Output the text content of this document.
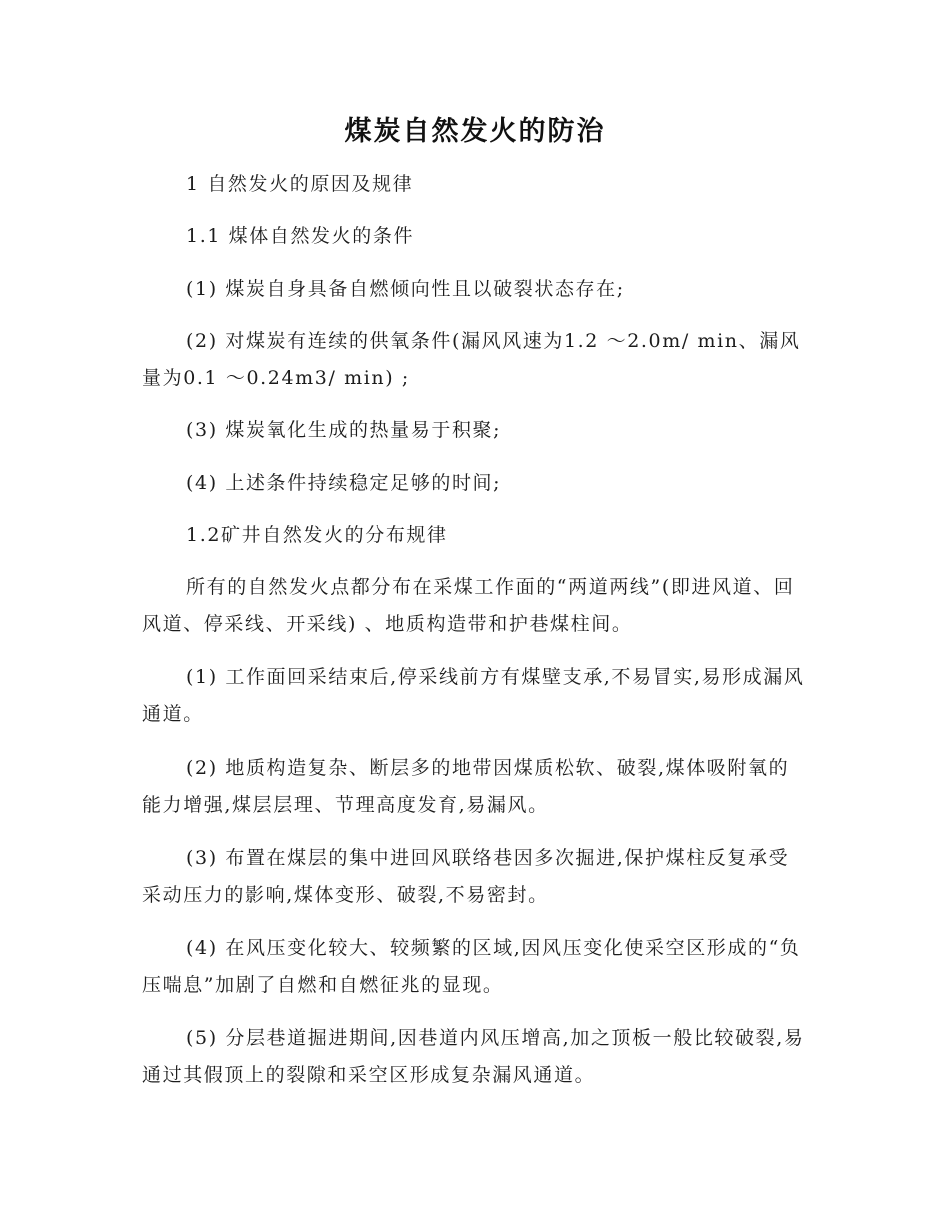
煤炭自然发火的防治
1 自然发火的原因及规律
1.1 煤体自然发火的条件
(1) 煤炭自身具备自燃倾向性且以破裂状态存在;
(2) 对煤炭有连续的供氧条件(漏风风速为1.2 ～2.0m/ min、漏风量为0.1 ～0.24m3/ min) ;
(3) 煤炭氧化生成的热量易于积聚;
(4) 上述条件持续稳定足够的时间;
1.2矿井自然发火的分布规律
所有的自然发火点都分布在采煤工作面的“两道两线”(即进风道、回风道、停采线、开采线) 、地质构造带和护巷煤柱间。
(1) 工作面回采结束后,停采线前方有煤壁支承,不易冒实,易形成漏风通道。
(2) 地质构造复杂、断层多的地带因煤质松软、破裂,煤体吸附氧的能力增强,煤层层理、节理高度发育,易漏风。
(3) 布置在煤层的集中进回风联络巷因多次掘进,保护煤柱反复承受采动压力的影响,煤体变形、破裂,不易密封。
(4) 在风压变化较大、较频繁的区域,因风压变化使采空区形成的“负压喘息”加剧了自燃和自燃征兆的显现。
(5) 分层巷道掘进期间,因巷道内风压增高,加之顶板一般比较破裂,易通过其假顶上的裂隙和采空区形成复杂漏风通道。
